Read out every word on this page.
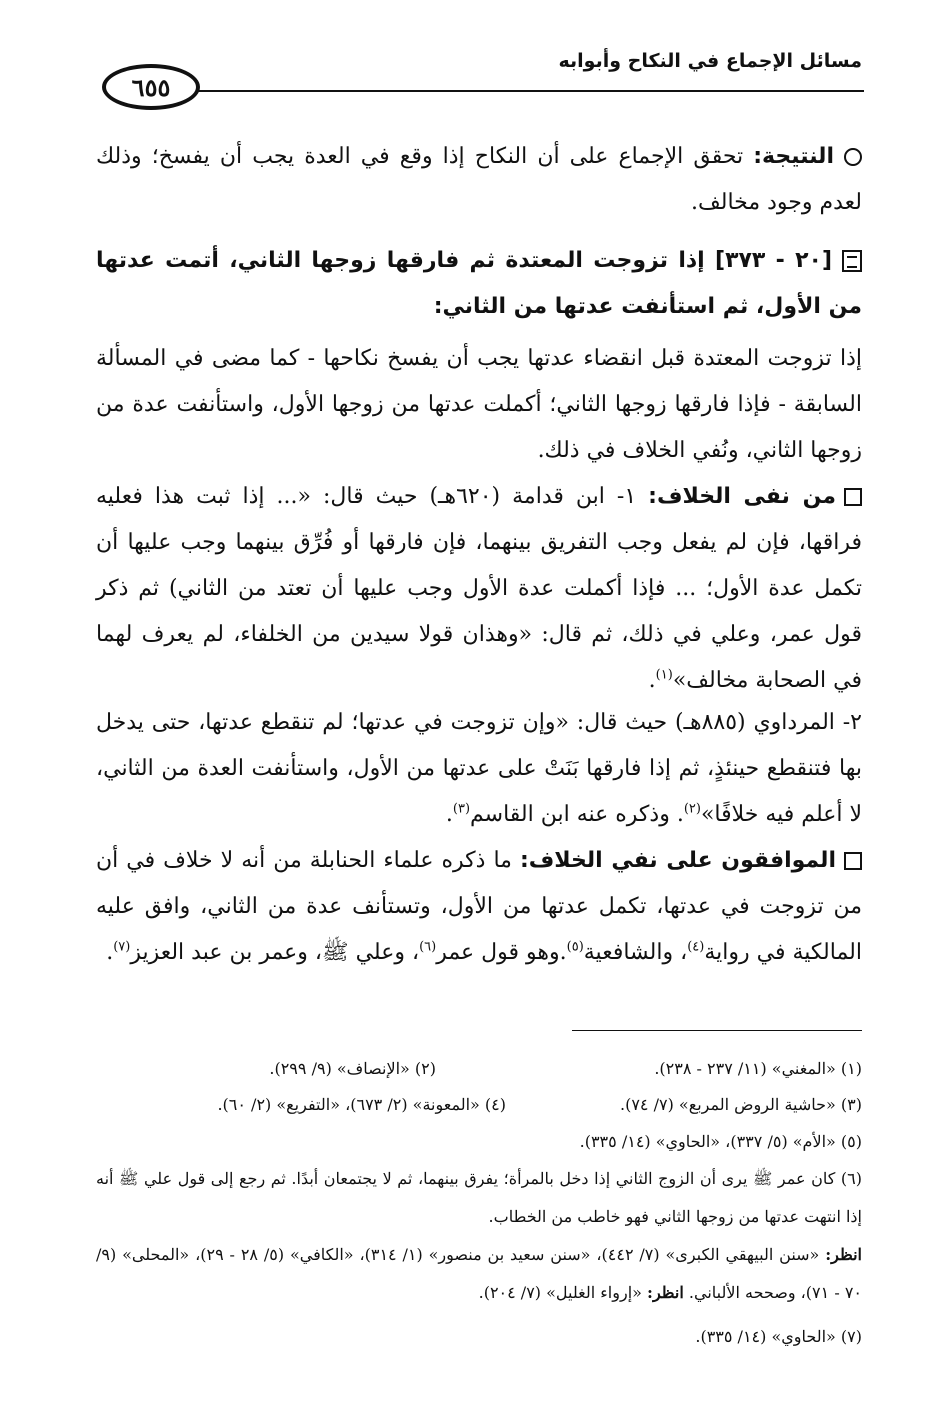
مسائل الإجماع في النكاح وأبوابه
٦٥٥
النتيجة: تحقق الإجماع على أن النكاح إذا وقع في العدة يجب أن يفسخ؛ وذلك لعدم وجود مخالف.
[٢٠ - ٣٧٣] إذا تزوجت المعتدة ثم فارقها زوجها الثاني، أتمت عدتها من الأول، ثم استأنفت عدتها من الثاني:
إذا تزوجت المعتدة قبل انقضاء عدتها يجب أن يفسخ نكاحها - كما مضى في المسألة السابقة - فإذا فارقها زوجها الثاني؛ أكملت عدتها من زوجها الأول، واستأنفت عدة من زوجها الثاني، ونُفي الخلاف في ذلك.
من نفى الخلاف: ١- ابن قدامة (٦٢٠هـ) حيث قال: «... إذا ثبت هذا فعليه فراقها، فإن لم يفعل وجب التفريق بينهما، فإن فارقها أو فُرِّق بينهما وجب عليها أن تكمل عدة الأول؛ ... فإذا أكملت عدة الأول وجب عليها أن تعتد من الثاني) ثم ذكر قول عمر، وعلي في ذلك، ثم قال: «وهذان قولا سيدين من الخلفاء، لم يعرف لهما في الصحابة مخالف»$^{(١)}$.
٢- المرداوي (٨٨٥هـ) حيث قال: «وإن تزوجت في عدتها؛ لم تنقطع عدتها، حتى يدخل بها فتنقطع حينئذٍ، ثم إذا فارقها بَنَتْ على عدتها من الأول، واستأنفت العدة من الثاني، لا أعلم فيه خلافًا»$^{(٢)}$. وذكره عنه ابن القاسم$^{(٣)}$.
الموافقون على نفي الخلاف: ما ذكره علماء الحنابلة من أنه لا خلاف في أن من تزوجت في عدتها، تكمل عدتها من الأول، وتستأنف عدة من الثاني، وافق عليه المالكية في رواية$^{(٤)}$، والشافعية$^{(٥)}$.وهو قول عمر$^{(٦)}$، وعلي ﷺ، وعمر بن عبد العزيز$^{(٧)}$.
(١) «المغني» (١١/ ٢٣٧ - ٢٣٨).
(٢) «الإنصاف» (٩/ ٢٩٩).
(٣) «حاشية الروض المربع» (٧/ ٧٤).
(٤) «المعونة» (٢/ ٦٧٣)، «التفريع» (٢/ ٦٠).
(٥) «الأم» (٥/ ٣٣٧)، «الحاوي» (١٤/ ٣٣٥).
(٦) كان عمر ﷺ يرى أن الزوج الثاني إذا دخل بالمرأة؛ يفرق بينهما، ثم لا يجتمعان أبدًا. ثم رجع إلى قول علي ﷺ أنه إذا انتهت عدتها من زوجها الثاني فهو خاطب من الخطاب.
انظر: «سنن البيهقي الكبرى» (٧/ ٤٤٢)، «سنن سعيد بن منصور» (١/ ٣١٤)، «الكافي» (٥/ ٢٨ - ٢٩)، «المحلى» (٩/ ٧٠ - ٧١)، وصححه الألباني. انظر: «إرواء الغليل» (٧/ ٢٠٤).
(٧) «الحاوي» (١٤/ ٣٣٥).
